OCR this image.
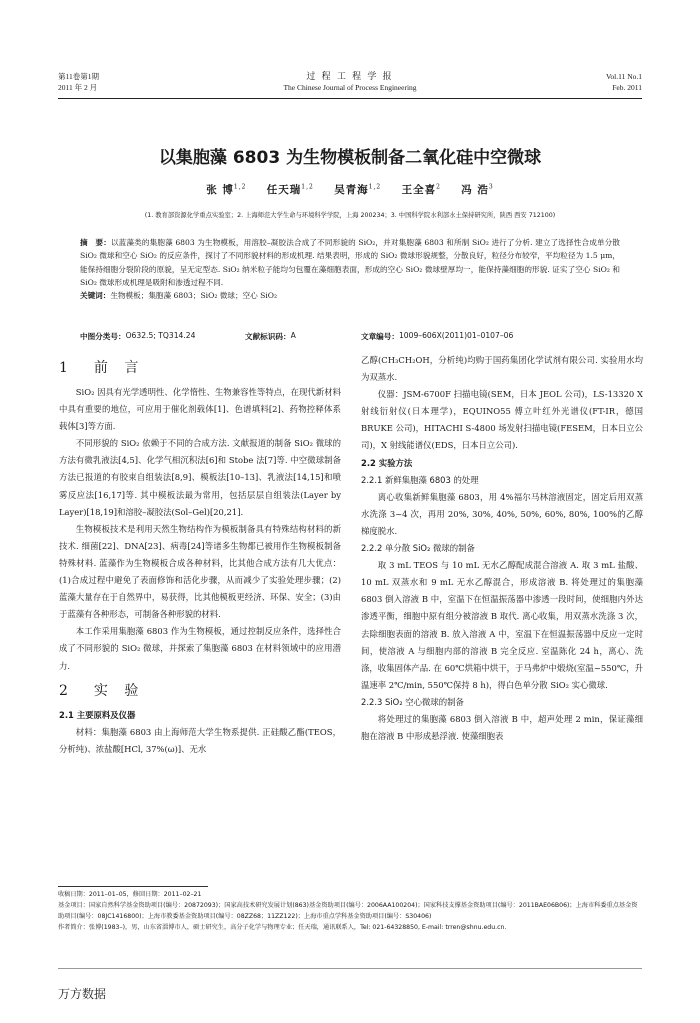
第11卷第1期
2011 年 2 月
过 程 工 程 学 报
The Chinese Journal of Process Engineering
Vol.11 No.1
Feb. 2011
以集胞藻 6803 为生物模板制备二氧化硅中空微球
张 博$^{1,2}$ 任天瑞$^{1,2}$ 吴青海$^{1,2}$ 王全喜$^2$ 冯 浩$^3$
(1. 教育部资源化学重点实验室；2. 上海师范大学生命与环境科学学院，上海 200234；3. 中国科学院水利部水土保持研究所，陕西 西安 712100)
摘　要：以蓝藻类的集胞藻 6803 为生物模板，用溶胶–凝胶法合成了不同形貌的 SiO₂，并对集胞藻 6803 和所制 SiO₂ 进行了分析. 建立了选择性合成单分散 SiO₂ 微球和空心 SiO₂ 的反应条件，探讨了不同形貌材料的形成机理. 结果表明，形成的 SiO₂ 微球形貌规整，分散良好，粒径分布较窄，平均粒径为 1.5 μm，能保持细胞分裂阶段的原貌，呈无定型态. SiO₂ 纳米粒子能均匀包覆在藻细胞表面，形成的空心 SiO₂ 微球壁厚均一，能保持藻细胞的形貌. 证实了空心 SiO₂ 和 SiO₂ 微球形成机理是吸附和渗透过程不同.
关键词：生物模板；集胞藻 6803；SiO₂ 微球；空心 SiO₂
中图分类号： O632.5; TQ314.24	文献标识码： A	文章编号： 1009–606X(2011)01–0107–06
1　前 言

SiO₂ 因具有光学透明性、化学惰性、生物兼容性等特点，在现代新材料中具有重要的地位，可应用于催化剂载体[1]、色谱填料[2]、药物控释体系载体[3]等方面.

不同形貌的 SiO₂ 依赖于不同的合成方法. 文献报道的制备 SiO₂ 微球的方法有微乳液法[4,5]、化学气相沉积法[6]和 Stobe 法[7]等. 中空微球制备方法已报道的有胶束自组装法[8,9]、模板法[10–13]、乳液法[14,15]和喷雾反应法[16,17]等. 其中模板法最为常用，包括层层自组装法(Layer by Layer)[18,19]和溶胶–凝胶法(Sol–Gel)[20,21].

生物模板技术是利用天然生物结构作为模板制备具有特殊结构材料的新技术. 细菌[22]、DNA[23]、病毒[24]等诸多生物都已被用作生物模板制备特殊材料. 蓝藻作为生物模板合成各种材料，比其他合成方法有几大优点：(1)合成过程中避免了表面修饰和活化步骤，从而减少了实验处理步骤；(2)蓝藻大量存在于自然界中，易获得，比其他模板更经济、环保、安全；(3)由于蓝藻有各种形态，可制备各种形貌的材料.

本工作采用集胞藻 6803 作为生物模板，通过控制反应条件，选择性合成了不同形貌的 SiO₂ 微球，并探索了集胞藻 6803 在材料领域中的应用潜力.

2　实 验
2.1 主要原料及仪器

材料：集胞藻 6803 由上海师范大学生物系提供. 正硅酸乙酯(TEOS，分析纯)、浓盐酸[HCl, 37%(ω)]、无水

乙醇(CH₃CH₂OH，分析纯)均购于国药集团化学试剂有限公司. 实验用水均为双蒸水.

仪器：JSM-6700F 扫描电镜(SEM，日本 JEOL 公司)，LS-13320 X 射线衍射仪(日本理学)，EQUINO55 傅立叶红外光谱仪(FT-IR，德国 BRUKE 公司)，HITACHI S-4800 场发射扫描电镜(FESEM，日本日立公司)，X 射线能谱仪(EDS，日本日立公司).

2.2 实验方法
2.2.1 新鲜集胞藻 6803 的处理

离心收集新鲜集胞藻 6803，用 4%福尔马林溶液固定，固定后用双蒸水洗涤 3~4 次，再用 20%, 30%, 40%, 50%, 60%, 80%, 100%的乙醇梯度脱水.

2.2.2 单分散 SiO₂ 微球的制备

取 3 mL TEOS 与 10 mL 无水乙醇配成混合溶液 A. 取 3 mL 盐酸、10 mL 双蒸水和 9 mL 无水乙醇混合，形成溶液 B. 将处理过的集胞藻 6803 倒入溶液 B 中，室温下在恒温振荡器中渗透一段时间，使细胞内外达渗透平衡，细胞中原有组分被溶液 B 取代. 离心收集，用双蒸水洗涤 3 次，去除细胞表面的溶液 B. 放入溶液 A 中，室温下在恒温振荡器中反应一定时间，使溶液 A 与细胞内部的溶液 B 完全反应. 室温陈化 24 h，离心、洗涤，收集固体产品. 在 60℃烘箱中烘干，于马弗炉中煅烧(室温~550℃，升温速率 2℃/min, 550℃保持 8 h)，得白色单分散 SiO₂ 实心微球.

2.2.3 SiO₂ 空心微球的制备

将处理过的集胞藻 6803 倒入溶液 B 中，超声处理 2 min，保证藻细胞在溶液 B 中形成悬浮液. 使藻细胞表

收稿日期：2011–01–05，修回日期：2011–02–21

基金项目：国家自然科学基金资助项目(编号：20872093)；国家高技术研究发展计划(863)基金资助项目(编号：2006AA100204)；国家科技支撑基金资助项目(编号：2011BAE06B06)；上海市科委重点基金资助项目(编号：08JC1416800)；上海市教委基金资助项目(编号：08ZZ68；11ZZ122)；上海市重点学科基金资助项目(编号：S30406)

作者简介：张博(1983–)，男，山东省淄博市人，硕士研究生，高分子化学与物理专业；任天瑞，通讯联系人，Tel: 021-64328850, E-mail: trren@shnu.edu.cn.

万方数据
